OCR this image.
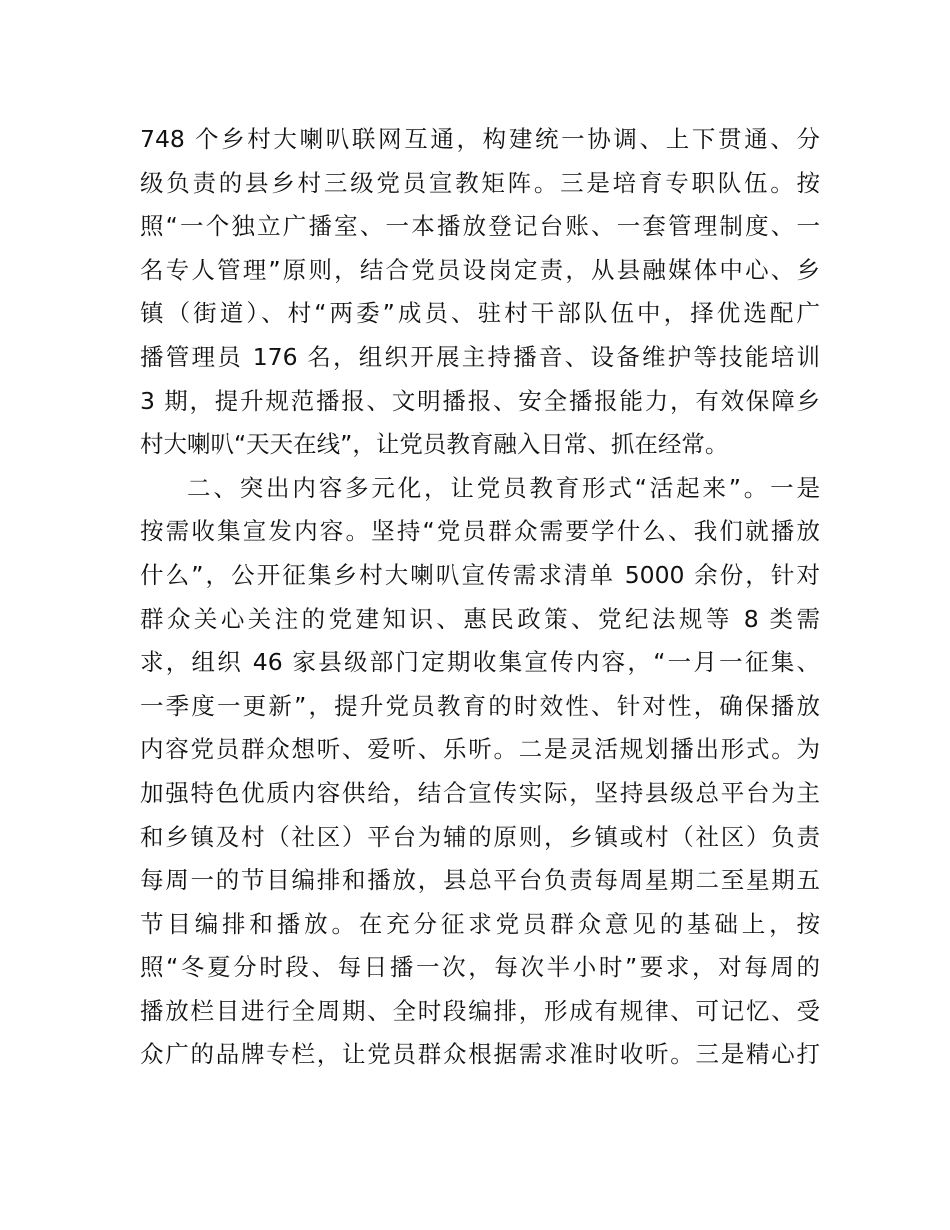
748 个乡村大喇叭联网互通，构建统一协调、上下贯通、分
级负责的县乡村三级党员宣教矩阵。三是培育专职队伍。按
照“一个独立广播室、一本播放登记台账、一套管理制度、一
名专人管理”原则，结合党员设岗定责，从县融媒体中心、乡
镇（街道）、村“两委”成员、驻村干部队伍中，择优选配广
播管理员 176 名，组织开展主持播音、设备维护等技能培训
3 期，提升规范播报、文明播报、安全播报能力，有效保障乡
村大喇叭“天天在线”，让党员教育融入日常、抓在经常。
二、突出内容多元化，让党员教育形式“活起来”。一是
按需收集宣发内容。坚持“党员群众需要学什么、我们就播放
什么”，公开征集乡村大喇叭宣传需求清单 5000 余份，针对
群众关心关注的党建知识、惠民政策、党纪法规等 8 类需
求，组织 46 家县级部门定期收集宣传内容，“一月一征集、
一季度一更新”，提升党员教育的时效性、针对性，确保播放
内容党员群众想听、爱听、乐听。二是灵活规划播出形式。为
加强特色优质内容供给，结合宣传实际，坚持县级总平台为主
和乡镇及村（社区）平台为辅的原则，乡镇或村（社区）负责
每周一的节目编排和播放，县总平台负责每周星期二至星期五
节目编排和播放。在充分征求党员群众意见的基础上，按
照“冬夏分时段、每日播一次，每次半小时”要求，对每周的
播放栏目进行全周期、全时段编排，形成有规律、可记忆、受
众广的品牌专栏，让党员群众根据需求准时收听。三是精心打
